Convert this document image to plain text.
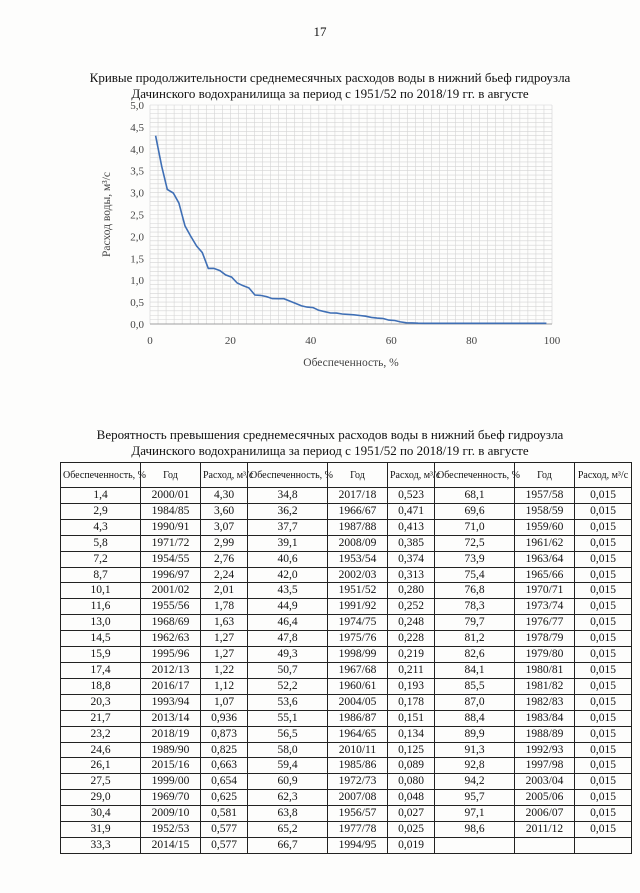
17
Кривые продолжительности среднемесячных расходов воды в нижний бьеф гидроузла
Дачинского водохранилища за период с 1951/52 по 2018/19 гг. в августе
0,0
0,5
1,0
1,5
2,0
2,5
3,0
3,5
4,0
4,5
5,0
0	20	40	60	80	100
Обеспеченность, %
Расход воды, м³/с
Вероятность превышения среднемесячных расходов воды в нижний бьеф гидроузла
Дачинского водохранилища за период с 1951/52 по 2018/19 гг. в августе
Обеспеченность, %	Год	Расход, м³/с	Обеспеченность, %	Год	Расход, м³/с	Обеспеченность, %	Год	Расход, м³/с
1,4	2000/01	4,30	34,8	2017/18	0,523	68,1	1957/58	0,015
2,9	1984/85	3,60	36,2	1966/67	0,471	69,6	1958/59	0,015
4,3	1990/91	3,07	37,7	1987/88	0,413	71,0	1959/60	0,015
5,8	1971/72	2,99	39,1	2008/09	0,385	72,5	1961/62	0,015
7,2	1954/55	2,76	40,6	1953/54	0,374	73,9	1963/64	0,015
8,7	1996/97	2,24	42,0	2002/03	0,313	75,4	1965/66	0,015
10,1	2001/02	2,01	43,5	1951/52	0,280	76,8	1970/71	0,015
11,6	1955/56	1,78	44,9	1991/92	0,252	78,3	1973/74	0,015
13,0	1968/69	1,63	46,4	1974/75	0,248	79,7	1976/77	0,015
14,5	1962/63	1,27	47,8	1975/76	0,228	81,2	1978/79	0,015
15,9	1995/96	1,27	49,3	1998/99	0,219	82,6	1979/80	0,015
17,4	2012/13	1,22	50,7	1967/68	0,211	84,1	1980/81	0,015
18,8	2016/17	1,12	52,2	1960/61	0,193	85,5	1981/82	0,015
20,3	1993/94	1,07	53,6	2004/05	0,178	87,0	1982/83	0,015
21,7	2013/14	0,936	55,1	1986/87	0,151	88,4	1983/84	0,015
23,2	2018/19	0,873	56,5	1964/65	0,134	89,9	1988/89	0,015
24,6	1989/90	0,825	58,0	2010/11	0,125	91,3	1992/93	0,015
26,1	2015/16	0,663	59,4	1985/86	0,089	92,8	1997/98	0,015
27,5	1999/00	0,654	60,9	1972/73	0,080	94,2	2003/04	0,015
29,0	1969/70	0,625	62,3	2007/08	0,048	95,7	2005/06	0,015
30,4	2009/10	0,581	63,8	1956/57	0,027	97,1	2006/07	0,015
31,9	1952/53	0,577	65,2	1977/78	0,025	98,6	2011/12	0,015
33,3	2014/15	0,577	66,7	1994/95	0,019			
